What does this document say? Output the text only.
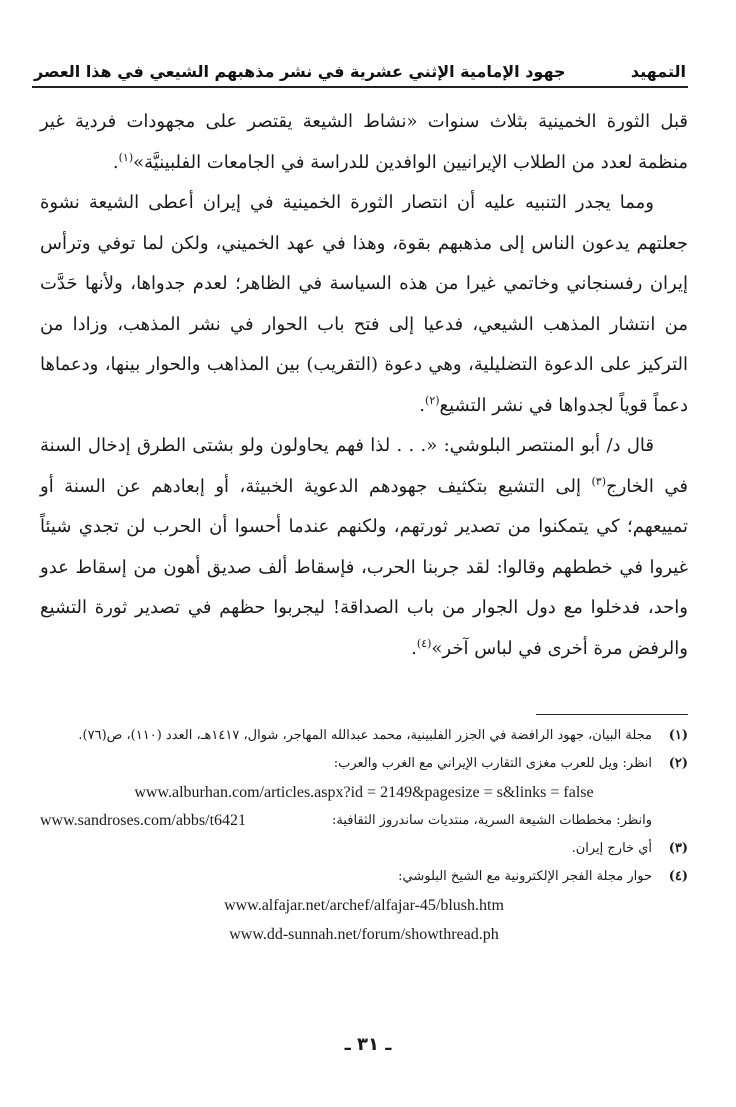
التمهيد
جهود الإمامية الإثني عشرية في نشر مذهبهم الشيعي في هذا العصر

قبل الثورة الخمينية بثلاث سنوات «نشاط الشيعة يقتصر على مجهودات فردية غير منظمة لعدد من الطلاب الإيرانيين الوافدين للدراسة في الجامعات الفلبينيَّة»$^{(١)}$.

ومما يجدر التنبيه عليه أن انتصار الثورة الخمينية في إيران أعطى الشيعة نشوة جعلتهم يدعون الناس إلى مذهبهم بقوة، وهذا في عهد الخميني، ولكن لما توفي وترأس إيران رفسنجاني وخاتمي غيرا من هذه السياسة في الظاهر؛ لعدم جدواها، ولأنها حَدَّت من انتشار المذهب الشيعي، فدعيا إلى فتح باب الحوار في نشر المذهب، وزادا من التركيز على الدعوة التضليلية، وهي دعوة (التقريب) بين المذاهب والحوار بينها، ودعماها دعماً قوياً لجدواها في نشر التشيع$^{(٢)}$.

قال د/ أبو المنتصر البلوشي: «. . . لذا فهم يحاولون ولو بشتى الطرق إدخال السنة في الخارج$^{(٣)}$ إلى التشيع بتكثيف جهودهم الدعوية الخبيثة، أو إبعادهم عن السنة أو تمييعهم؛ كي يتمكنوا من تصدير ثورتهم، ولكنهم عندما أحسوا أن الحرب لن تجدي شيئاً غيروا في خططهم وقالوا: لقد جربنا الحرب، فإسقاط ألف صديق أهون من إسقاط عدو واحد، فدخلوا مع دول الجوار من باب الصداقة! ليجربوا حظهم في تصدير ثورة التشيع والرفض مرة أخرى في لباس آخر»$^{(٤)}$.

(١)
مجلة البيان، جهود الرافضة في الجزر الفلبينية، محمد عبدالله المهاجر، شوال، ١٤١٧هـ، العدد (١١٠)، ص(٧٦).
(٢)
انظر: ويل للعرب مغزى التقارب الإيراني مع الغرب والعرب:
www.alburhan.com/articles.aspx?id = 2149&pagesize = s&links = false
وانظر: مخططات الشيعة السرية، منتديات ساندروز الثقافية:
www.sandroses.com/abbs/t6421
(٣)
أي خارج إيران.
(٤)
حوار مجلة الفجر الإلكترونية مع الشيخ البلوشي:
www.alfajar.net/archef/alfajar-45/blush.htm
www.dd-sunnah.net/forum/showthread.ph
ـ ٣١ ـ
